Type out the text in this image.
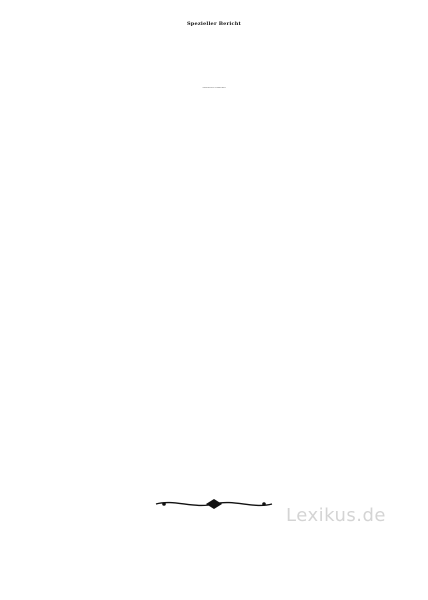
Spezieller Bericht
Einwanderung in die Vereinigten Staaten
Lexikus.de
